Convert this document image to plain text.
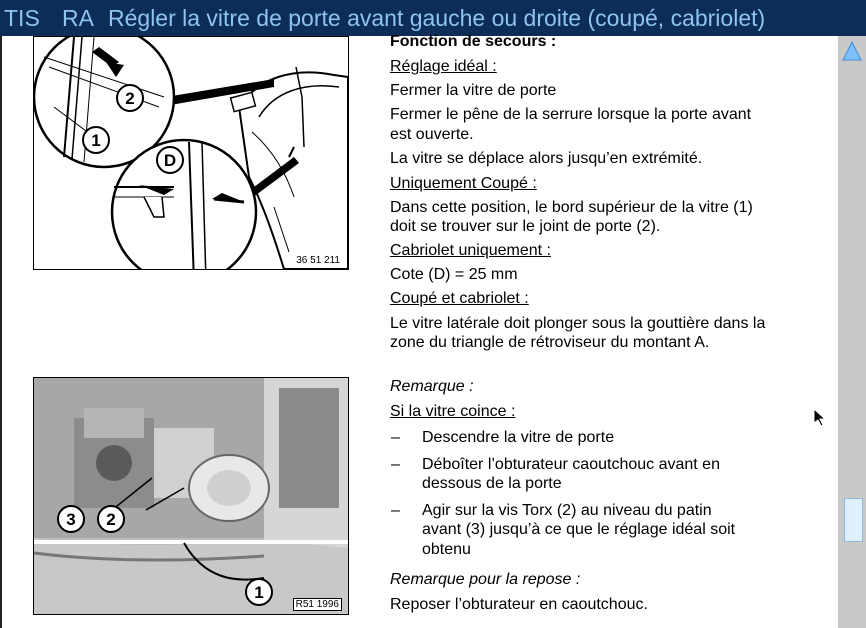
TIS RA Régler la vitre de porte avant gauche ou droite (coupé, cabriolet)
2
1
D
36 51 211
3 2
1
R51 1996
Fonction de secours :
Réglage idéal :
Fermer la vitre de porte
Fermer le pêne de la serrure lorsque la porte avant
est ouverte.
La vitre se déplace alors jusqu’en extrémité.
Uniquement Coupé :
Dans cette position, le bord supérieur de la vitre (1)
doit se trouver sur le joint de porte (2).
Cabriolet uniquement :
Cote (D) = 25 mm
Coupé et cabriolet :
Le vitre latérale doit plonger sous la gouttière dans la
zone du triangle de rétroviseur du montant A.
Remarque :
Si la vitre coince :
– Descendre la vitre de porte
– Déboîter l’obturateur caoutchouc avant en
dessous de la porte
– Agir sur la vis Torx (2) au niveau du patin
avant (3) jusqu’à ce que le réglage idéal soit
obtenu
Remarque pour la repose :
Reposer l’obturateur en caoutchouc.
